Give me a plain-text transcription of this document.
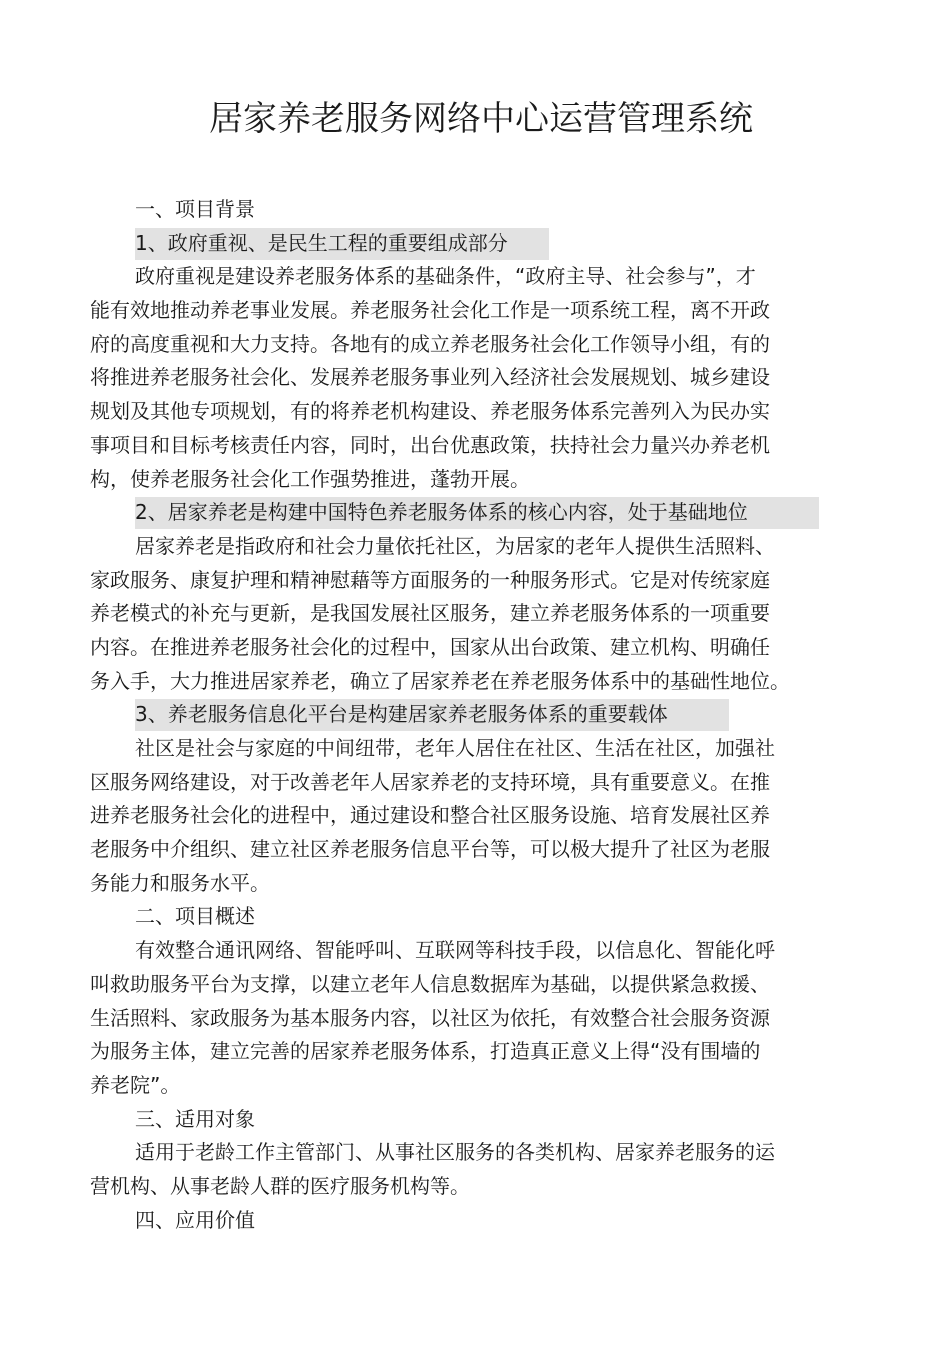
居家养老服务网络中心运营管理系统
一、项目背景
1、政府重视、是民生工程的重要组成部分
政府重视是建设养老服务体系的基础条件，“政府主导、社会参与”，才
能有效地推动养老事业发展。养老服务社会化工作是一项系统工程，离不开政
府的高度重视和大力支持。各地有的成立养老服务社会化工作领导小组，有的
将推进养老服务社会化、发展养老服务事业列入经济社会发展规划、城乡建设
规划及其他专项规划，有的将养老机构建设、养老服务体系完善列入为民办实
事项目和目标考核责任内容，同时，出台优惠政策，扶持社会力量兴办养老机
构，使养老服务社会化工作强势推进，蓬勃开展。
2、居家养老是构建中国特色养老服务体系的核心内容，处于基础地位
居家养老是指政府和社会力量依托社区，为居家的老年人提供生活照料、
家政服务、康复护理和精神慰藉等方面服务的一种服务形式。它是对传统家庭
养老模式的补充与更新，是我国发展社区服务，建立养老服务体系的一项重要
内容。在推进养老服务社会化的过程中，国家从出台政策、建立机构、明确任
务入手，大力推进居家养老，确立了居家养老在养老服务体系中的基础性地位。
3、养老服务信息化平台是构建居家养老服务体系的重要载体
社区是社会与家庭的中间纽带，老年人居住在社区、生活在社区，加强社
区服务网络建设，对于改善老年人居家养老的支持环境，具有重要意义。在推
进养老服务社会化的进程中，通过建设和整合社区服务设施、培育发展社区养
老服务中介组织、建立社区养老服务信息平台等，可以极大提升了社区为老服
务能力和服务水平。
二、项目概述
有效整合通讯网络、智能呼叫、互联网等科技手段，以信息化、智能化呼
叫救助服务平台为支撑，以建立老年人信息数据库为基础，以提供紧急救援、
生活照料、家政服务为基本服务内容，以社区为依托，有效整合社会服务资源
为服务主体，建立完善的居家养老服务体系，打造真正意义上得“没有围墙的
养老院”。
三、适用对象
适用于老龄工作主管部门、从事社区服务的各类机构、居家养老服务的运
营机构、从事老龄人群的医疗服务机构等。
四、应用价值
